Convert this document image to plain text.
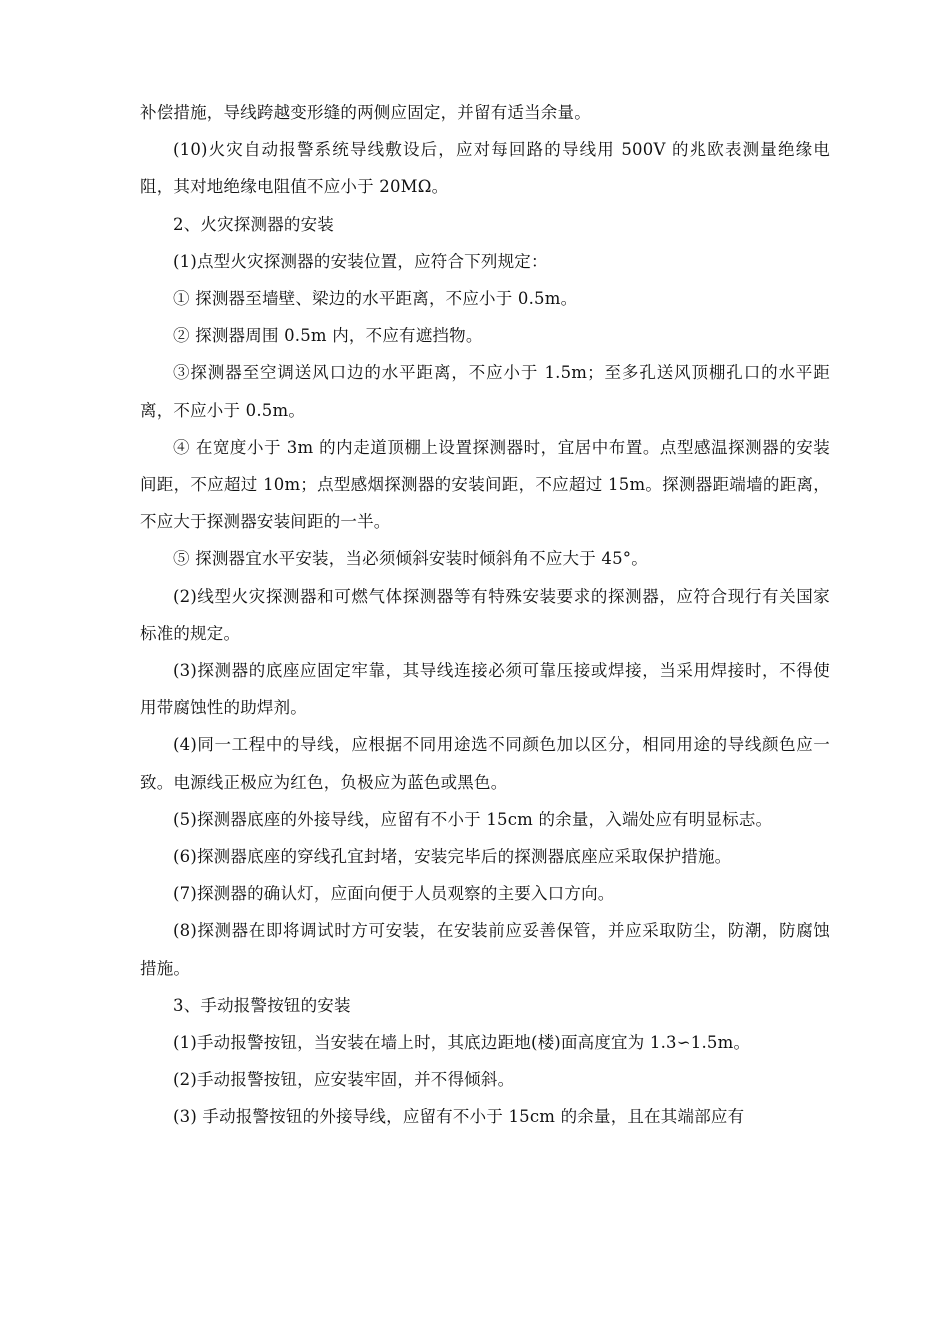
补偿措施，导线跨越变形缝的两侧应固定，并留有适当余量。

(10)火灾自动报警系统导线敷设后，应对每回路的导线用 500V 的兆欧表测量绝缘电阻，其对地绝缘电阻值不应小于 20MΩ。

2、火灾探测器的安装

(1)点型火灾探测器的安装位置，应符合下列规定：

① 探测器至墙壁、梁边的水平距离，不应小于 0.5m。

② 探测器周围 0.5m 内，不应有遮挡物。

③探测器至空调送风口边的水平距离，不应小于 1.5m；至多孔送风顶棚孔口的水平距离，不应小于 0.5m。

④ 在宽度小于 3m 的内走道顶棚上设置探测器时，宜居中布置。点型感温探测器的安装间距，不应超过 10m；点型感烟探测器的安装间距，不应超过 15m。探测器距端墙的距离，不应大于探测器安装间距的一半。

⑤ 探测器宜水平安装，当必须倾斜安装时倾斜角不应大于 45°。

(2)线型火灾探测器和可燃气体探测器等有特殊安装要求的探测器，应符合现行有关国家标准的规定。

(3)探测器的底座应固定牢靠，其导线连接必须可靠压接或焊接，当采用焊接时，不得使用带腐蚀性的助焊剂。

(4)同一工程中的导线，应根据不同用途选不同颜色加以区分，相同用途的导线颜色应一致。电源线正极应为红色，负极应为蓝色或黑色。

(5)探测器底座的外接导线，应留有不小于 15cm 的余量，入端处应有明显标志。

(6)探测器底座的穿线孔宜封堵，安装完毕后的探测器底座应采取保护措施。

(7)探测器的确认灯，应面向便于人员观察的主要入口方向。

(8)探测器在即将调试时方可安装，在安装前应妥善保管，并应采取防尘，防潮，防腐蚀措施。

3、手动报警按钮的安装

(1)手动报警按钮，当安装在墙上时，其底边距地(楼)面高度宜为 1.3∽1.5m。

(2)手动报警按钮，应安装牢固，并不得倾斜。

(3) 手动报警按钮的外接导线，应留有不小于 15cm 的余量，且在其端部应有
